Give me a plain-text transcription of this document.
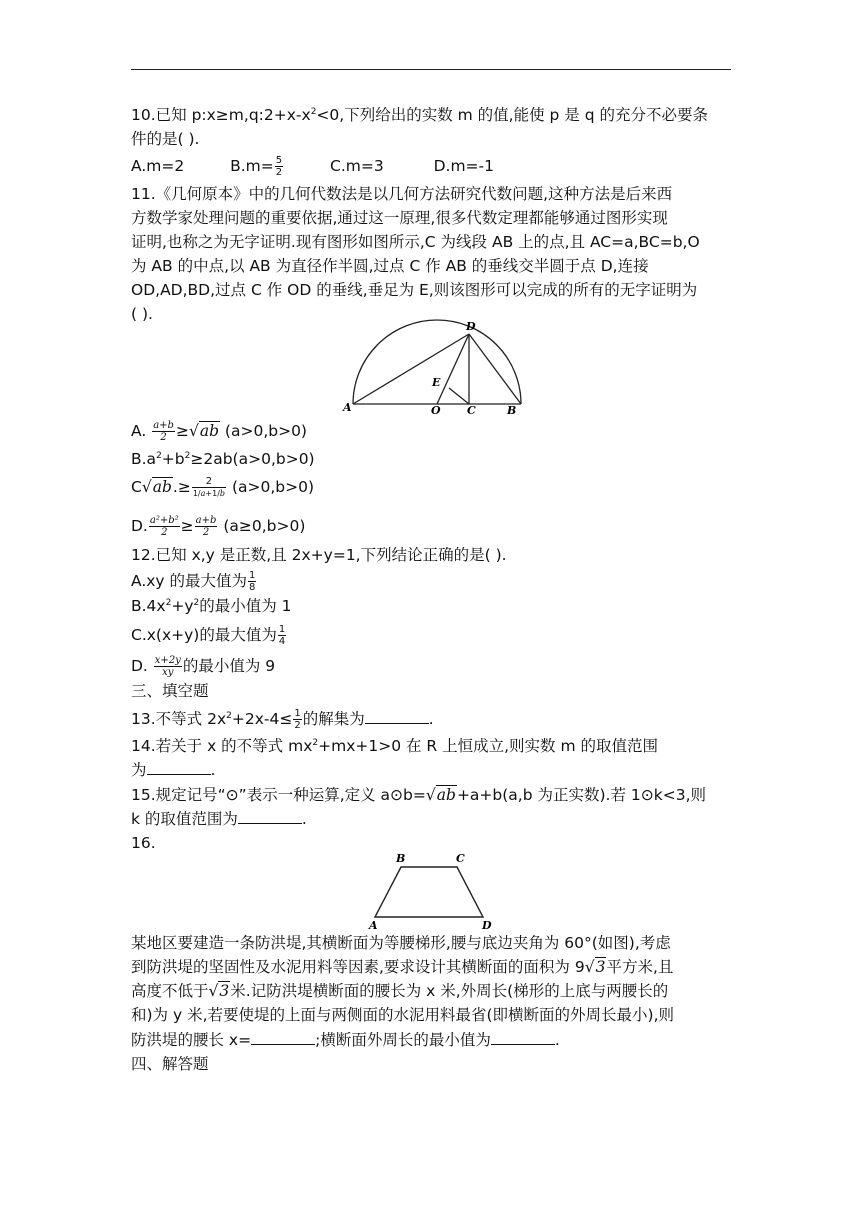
10.已知 $p:x\ge m,q:2+x-x^2<0$,下列给出的实数 m 的值,能使 p 是 q 的充分不必要条
件的是( ).
A.m=2	$B.m= \frac{5}{2}$	C.m=3	D.m=-1
11.《几何原本》中的几何代数法是以几何方法研究代数问题,这种方法是后来西
方数学家处理问题的重要依据,通过这一原理,很多代数定理都能够通过图形实现
证明,也称之为无字证明.现有图形如图所示,C 为线段 AB 上的点,且 AC=a,BC=b,O
为 AB 的中点,以 AB 为直径作半圆,过点 C 作 AB 的垂线交半圆于点 D,连接
OD,AD,BD,过点 C 作 OD 的垂线,垂足为 E,则该图形可以完成的所有的无字证明为
( ).
A
D
E
O C	B
A. $\frac{a+b}{2} \ge√ab$ (a>0,b>0)
$B.a^2+b^2\ge 2ab(a>0,b>0)$
$C√ab.\ge \frac{2}{1/a+1/b} (a>0,b>0)$
D. $\frac{\text{a²+b²}}{2} \ge \frac{a+b}{2} (a\ge 0,b>0)$
12.已知 x,y 是正数,且 2x+y=1,下列结论正确的是( ).
A.xy 的最大值为 $\frac{1}{8}$
$B.4x^2+y^2$的最小值为 1
C.x(x+y)的最大值为 $\frac{1}{4}$
D. $\frac{x+2y}{xy}$ 的最小值为 9
三、填空题
13.不等式 $2x^2+2x-4\le \frac{1}{2}$ 的解集为	.
14.若关于 x 的不等式 $mx^2+mx+1>0$ 在 R 上恒成立,则实数 m 的取值范围
为	.
15.规定记号“⊙”表示一种运算,定义 a⊙b=√ab+a+b(a,b 为正实数).若 1⊙k<3,则
k 的取值范围为	.
16.
B	C
A	D
某地区要建造一条防洪堤,其横断面为等腰梯形,腰与底边夹角为 60°(如图),考虑
到防洪堤的坚固性及水泥用料等因素,要求设计其横断面的面积为 9√3平方米,且
高度不低于√3米.记防洪堤横断面的腰长为 x 米,外周长(梯形的上底与两腰长的
和)为 y 米,若要使堤的上面与两侧面的水泥用料最省(即横断面的外周长最小),则
防洪堤的腰长 x=	;横断面外周长的最小值为	.
四、解答题
